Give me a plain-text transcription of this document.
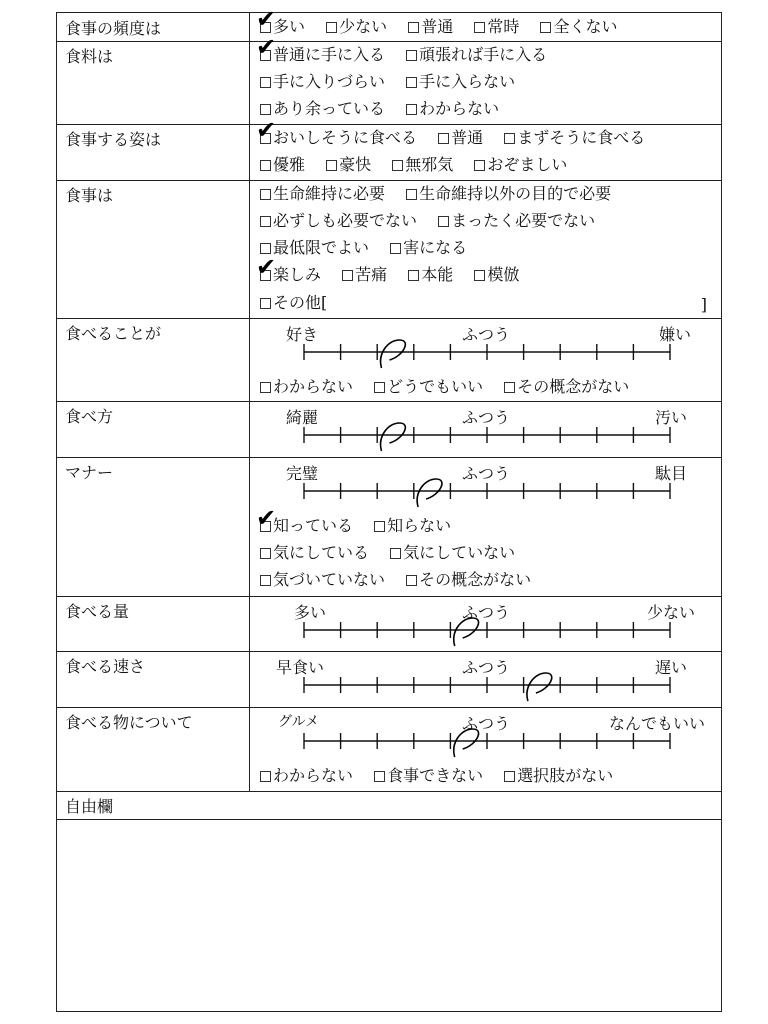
食事の頻度は	✔
多い 少ない 普通 常時 全くない
食料は	✔
普通に手に入る 頑張れば手に入る
手に入りづらい 手に入らない
あり余っている わからない
食事する姿は	✔
おいしそうに食べる 普通 まずそうに食べる
優雅 豪快 無邪気 おぞましい
食事は	生命維持に必要 生命維持以外の目的で必要
必ずしも必要でない まったく必要でない
最低限でよい 害になる
✔
楽しみ 苦痛 本能 模倣
その他[	]
食べることが	好き	ふつう	嫌い
わからない どうでもいい その概念がない
食べ方	綺麗	ふつう	汚い
マナー	完璧	ふつう	駄目
✔
知っている 知らない
気にしている 気にしていない
気づいていない その概念がない
食べる量	多い	ふつう	少ない
食べる速さ	早食い	ふつう	遅い
食べる物について	グルメ	ふつう	なんでもいい
わからない 食事できない 選択肢がない
自由欄
